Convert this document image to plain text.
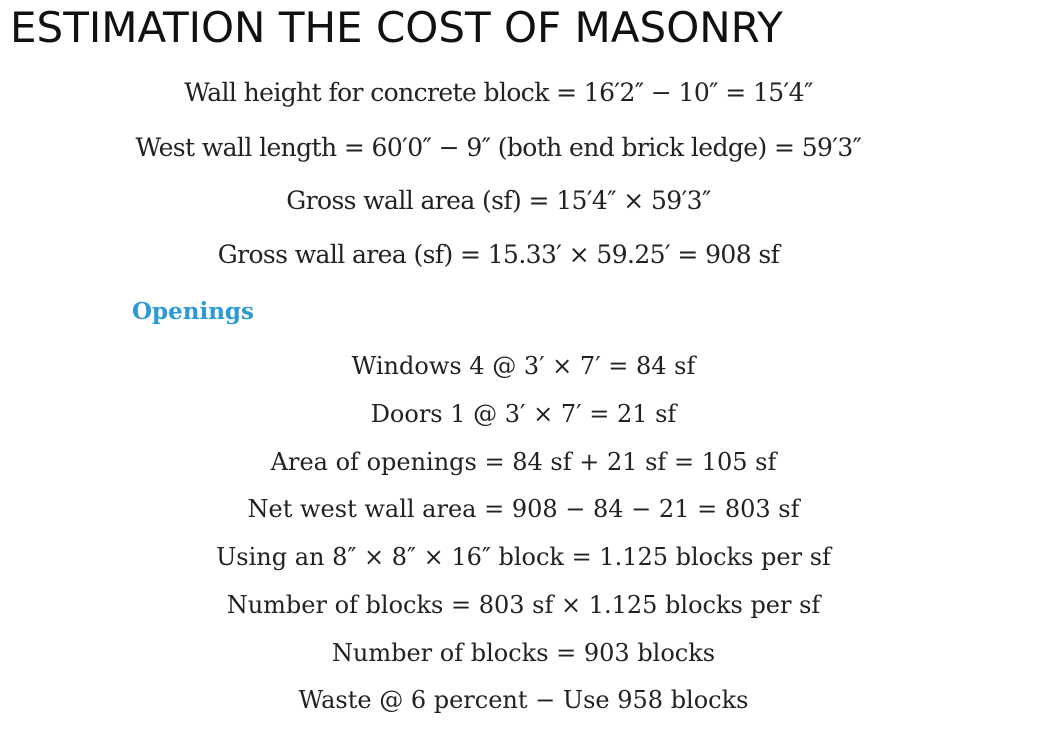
ESTIMATION THE COST OF MASONRY
Wall height for concrete block = 16′2″ − 10″ = 15′4″
West wall length = 60′0″ − 9″ (both end brick ledge) = 59′3″
Gross wall area (sf) = 15′4″ × 59′3″
Gross wall area (sf) = 15.33′ × 59.25′ = 908 sf
Openings
Windows 4 @ 3′ × 7′ = 84 sf
Doors 1 @ 3′ × 7′ = 21 sf
Area of openings = 84 sf + 21 sf = 105 sf
Net west wall area = 908 − 84 − 21 = 803 sf
Using an 8″ × 8″ × 16″ block = 1.125 blocks per sf
Number of blocks = 803 sf × 1.125 blocks per sf
Number of blocks = 903 blocks
Waste @ 6 percent − Use 958 blocks
